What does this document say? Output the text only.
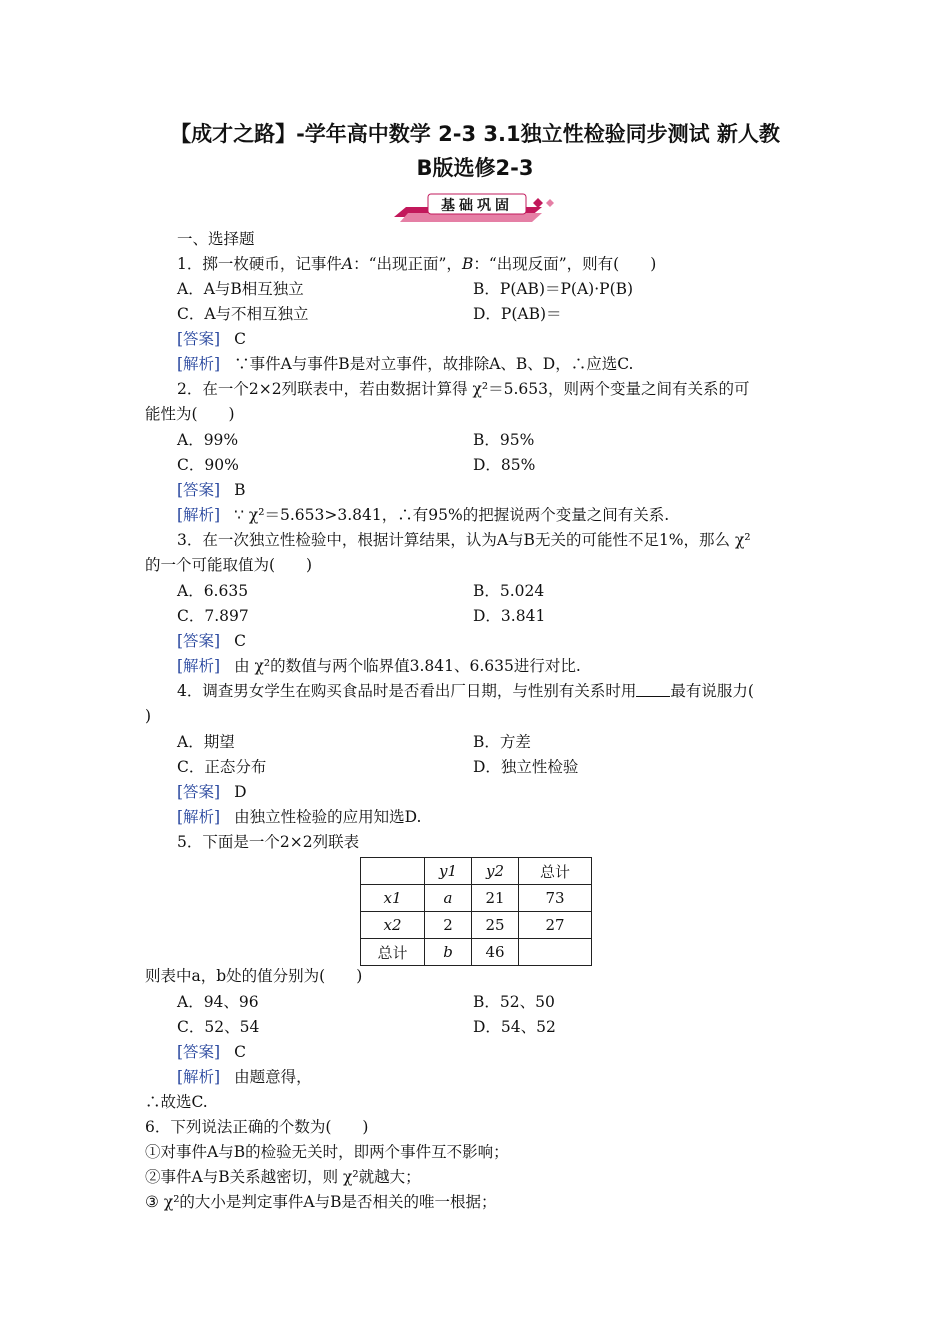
【成才之路】-学年高中数学 2-3 3.1独立性检验同步测试 新人教
B版选修2-3
基础巩固
一、选择题
1．掷一枚硬币，记事件A：“出现正面”，B：“出现反面”，则有(　　)
A．A与B相互独立	B．P(AB)＝P(A)·P(B)
C．A与不相互独立	D．P(AB)＝
[答案] C
[解析] ∵事件A与事件B是对立事件，故排除A、B、D，∴应选C.
2．在一个2×2列联表中，若由数据计算得 χ²＝5.653，则两个变量之间有关系的可
能性为(　　)
A．99%	B．95%
C．90%	D．85%
[答案] B
[解析] ∵ χ²＝5.653>3.841，∴有95%的把握说两个变量之间有关系.
3．在一次独立性检验中，根据计算结果，认为A与B无关的可能性不足1%，那么 χ²
的一个可能取值为(　　)
A．6.635	B．5.024
C．7.897	D．3.841
[答案] C
[解析] 由 χ²的数值与两个临界值3.841、6.635进行对比.
4．调查男女学生在购买食品时是否看出厂日期，与性别有关系时用 最有说服力(
)
A．期望	B．方差
C．正态分布	D．独立性检验
[答案] D
[解析] 由独立性检验的应用知选D.
5．下面是一个2×2列联表
	y1	y2	总计
x1	a	21	73
x2	2	25	27
总计	b	46	
则表中a，b处的值分别为(　　)
A．94、96	B．52、50
C．52、54	D．54、52
[答案] C
[解析] 由题意得，
∴故选C.
6．下列说法正确的个数为(　　)
①对事件A与B的检验无关时，即两个事件互不影响；
②事件A与B关系越密切，则 χ²就越大；
③ χ²的大小是判定事件A与B是否相关的唯一根据；
